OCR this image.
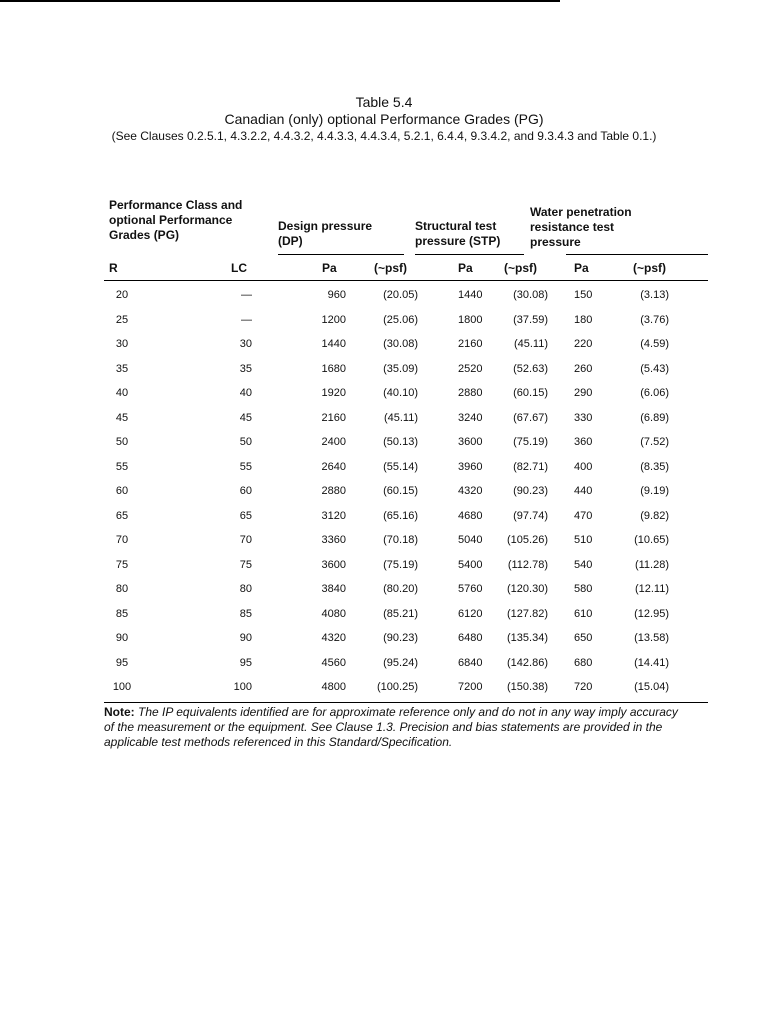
Table 5.4
Canadian (only) optional Performance Grades (PG)
(See Clauses 0.2.5.1, 4.3.2.2, 4.4.3.2, 4.4.3.3, 4.4.3.4, 5.2.1, 6.4.4, 9.3.4.2, and 9.3.4.3 and Table 0.1.)
Performance Class and optional Performance Grades (PG)
Design pressure (DP)
Structural test pressure (STP)
Water penetration resistance test pressure
R	LC	Pa	(~psf)	Pa	(~psf)	Pa	(~psf)
20	—	960	(20.05)	1440	(30.08) 150	(3.13)
25	—	1200	(25.06)	1800	(37.59) 180	(3.76)
30	30	1440	(30.08)	2160	(45.11) 220	(4.59)
35	35	1680	(35.09)	2520	(52.63) 260	(5.43)
40	40	1920	(40.10)	2880	(60.15) 290	(6.06)
45	45	2160	(45.11)	3240	(67.67) 330	(6.89)
50	50	2400	(50.13)	3600	(75.19) 360	(7.52)
55	55	2640	(55.14)	3960	(82.71) 400	(8.35)
60	60	2880	(60.15)	4320	(90.23) 440	(9.19)
65	65	3120	(65.16)	4680	(97.74) 470	(9.82)
70	70	3360	(70.18)	5040	(105.26) 510	(10.65)
75	75	3600	(75.19)	5400	(112.78) 540	(11.28)
80	80	3840	(80.20)	5760	(120.30) 580	(12.11)
85	85	4080	(85.21)	6120	(127.82) 610	(12.95)
90	90	4320	(90.23)	6480	(135.34) 650	(13.58)
95	95	4560	(95.24)	6840	(142.86) 680	(14.41)
100	100	4800	(100.25)	7200	(150.38) 720	(15.04)
Note: The IP equivalents identified are for approximate reference only and do not in any way imply accuracy of the measurement or the equipment. See Clause 1.3. Precision and bias statements are provided in the applicable test methods referenced in this Standard/Specification.
